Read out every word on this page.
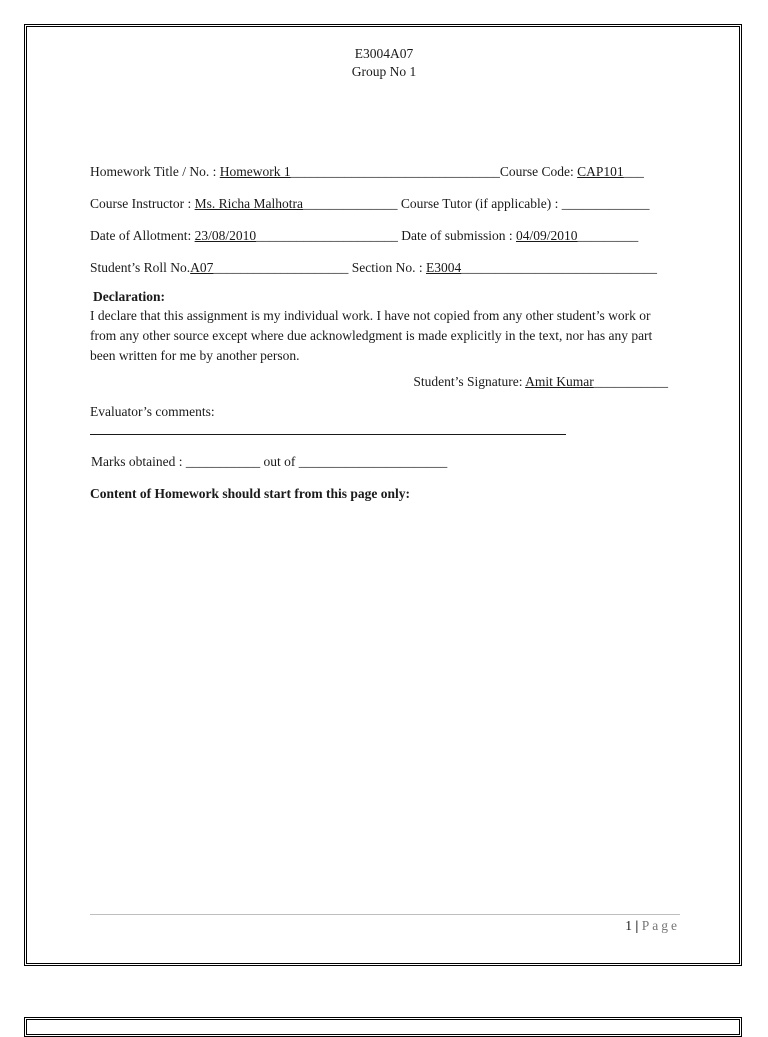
E3004A07
Group No 1
Homework Title / No. : Homework 1_______________________________Course Code: CAP101___
Course Instructor : Ms. Richa Malhotra______________ Course Tutor (if applicable) : _____________
Date of Allotment: 23/08/2010_____________________ Date of submission : 04/09/2010_________
Student’s Roll No.A07____________________ Section No. : E3004_____________________________
Declaration:
I declare that this assignment is my individual work. I have not copied from any other student’s work or from any other source except where due acknowledgment is made explicitly in the text, nor has any part been written for me by another person.
Student’s Signature: Amit Kumar___________
Evaluator’s comments:
Marks obtained : ___________ out of ______________________
Content of Homework should start from this page only:
1 | Page
